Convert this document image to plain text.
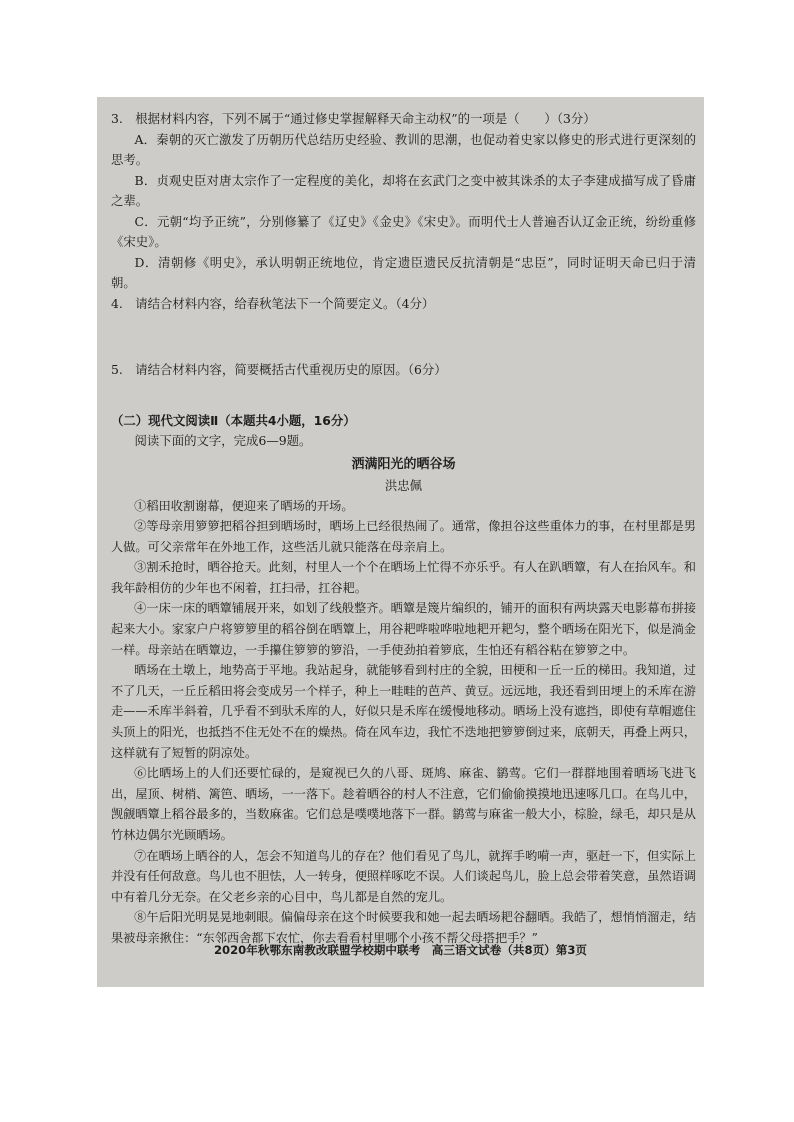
3.　根据材料内容，下列不属于“通过修史掌握解释天命主动权”的一项是（　　）（3分）

A．秦朝的灭亡激发了历朝历代总结历史经验、教训的思潮，也促动着史家以修史的形式进行更深刻的思考。

B．贞观史臣对唐太宗作了一定程度的美化，却将在玄武门之变中被其诛杀的太子李建成描写成了昏庸之辈。

C．元朝“均予正统”，分别修纂了《辽史》《金史》《宋史》。而明代士人普遍否认辽金正统，纷纷重修《宋史》。

D．清朝修《明史》，承认明朝正统地位，肯定遗臣遗民反抗清朝是“忠臣”，同时证明天命已归于清朝。

4.　请结合材料内容，给春秋笔法下一个简要定义。（4分）

5.　请结合材料内容，简要概括古代重视历史的原因。（6分）

（二）现代文阅读Ⅱ（本题共4小题，16分）

阅读下面的文字，完成6—9题。

洒满阳光的晒谷场

洪忠佩

①稻田收割谢幕，便迎来了晒场的开场。

②等母亲用箩箩把稻谷担到晒场时，晒场上已经很热闹了。通常，像担谷这些重体力的事，在村里都是男人做。可父亲常年在外地工作，这些活儿就只能落在母亲肩上。

③割禾抢时，晒谷抢天。此刻，村里人一个个在晒场上忙得不亦乐乎。有人在趴晒簟，有人在抬风车。和我年龄相仿的少年也不闲着，扛扫帚，扛谷耙。

④一床一床的晒簟铺展开来，如划了线般整齐。晒簟是篾片编织的，铺开的面积有两块露天电影幕布拼接起来大小。家家户户将箩箩里的稻谷倒在晒簟上，用谷耙哗啦哗啦地耙开耙匀，整个晒场在阳光下，似是淌金一样。母亲站在晒簟边，一手攥住箩箩的箩沿，一手使劲拍着箩底，生怕还有稻谷粘在箩箩之中。

晒场在土墩上，地势高于平地。我站起身，就能够看到村庄的全貌，田梗和一丘一丘的梯田。我知道，过不了几天，一丘丘稻田将会变成另一个样子，种上一畦畦的芭芦、黄豆。远远地，我还看到田埂上的禾库在游走——禾库半斜着，几乎看不到驮禾库的人，好似只是禾库在缓慢地移动。晒场上没有遮挡，即使有草帽遮住头顶上的阳光，也抵挡不住无处不在的燥热。倚在风车边，我忙不迭地把箩箩倒过来，底朝天，再叠上两只，这样就有了短暂的阴凉处。

⑥比晒场上的人们还要忙碌的，是窥视已久的八哥、斑鸠、麻雀、鹟莺。它们一群群地围着晒场飞进飞出，屋顶、树梢、篱笆、晒场，一一落下。趁着晒谷的村人不注意，它们偷偷摸摸地迅速啄几口。在鸟儿中，觊觎晒簟上稻谷最多的，当数麻雀。它们总是噗噗地落下一群。鹟莺与麻雀一般大小，棕脸，绿毛，却只是从竹林边偶尔光顾晒场。

⑦在晒场上晒谷的人，怎会不知道鸟儿的存在？他们看见了鸟儿，就挥手哟嗬一声，驱赶一下，但实际上并没有任何敌意。鸟儿也不胆怯，人一转身，便照样啄吃不误。人们谈起鸟儿，脸上总会带着笑意，虽然语调中有着几分无奈。在父老乡亲的心目中，鸟儿都是自然的宠儿。

⑧午后阳光明晃晃地刺眼。偏偏母亲在这个时候要我和她一起去晒场耙谷翻晒。我皓了，想悄悄溜走，结果被母亲揪住：“东邻西舍都下农忙，你去看看村里哪个小孩不帮父母搭把手？”

2020年秋鄂东南教改联盟学校期中联考　高三语文试卷（共8页）第3页
